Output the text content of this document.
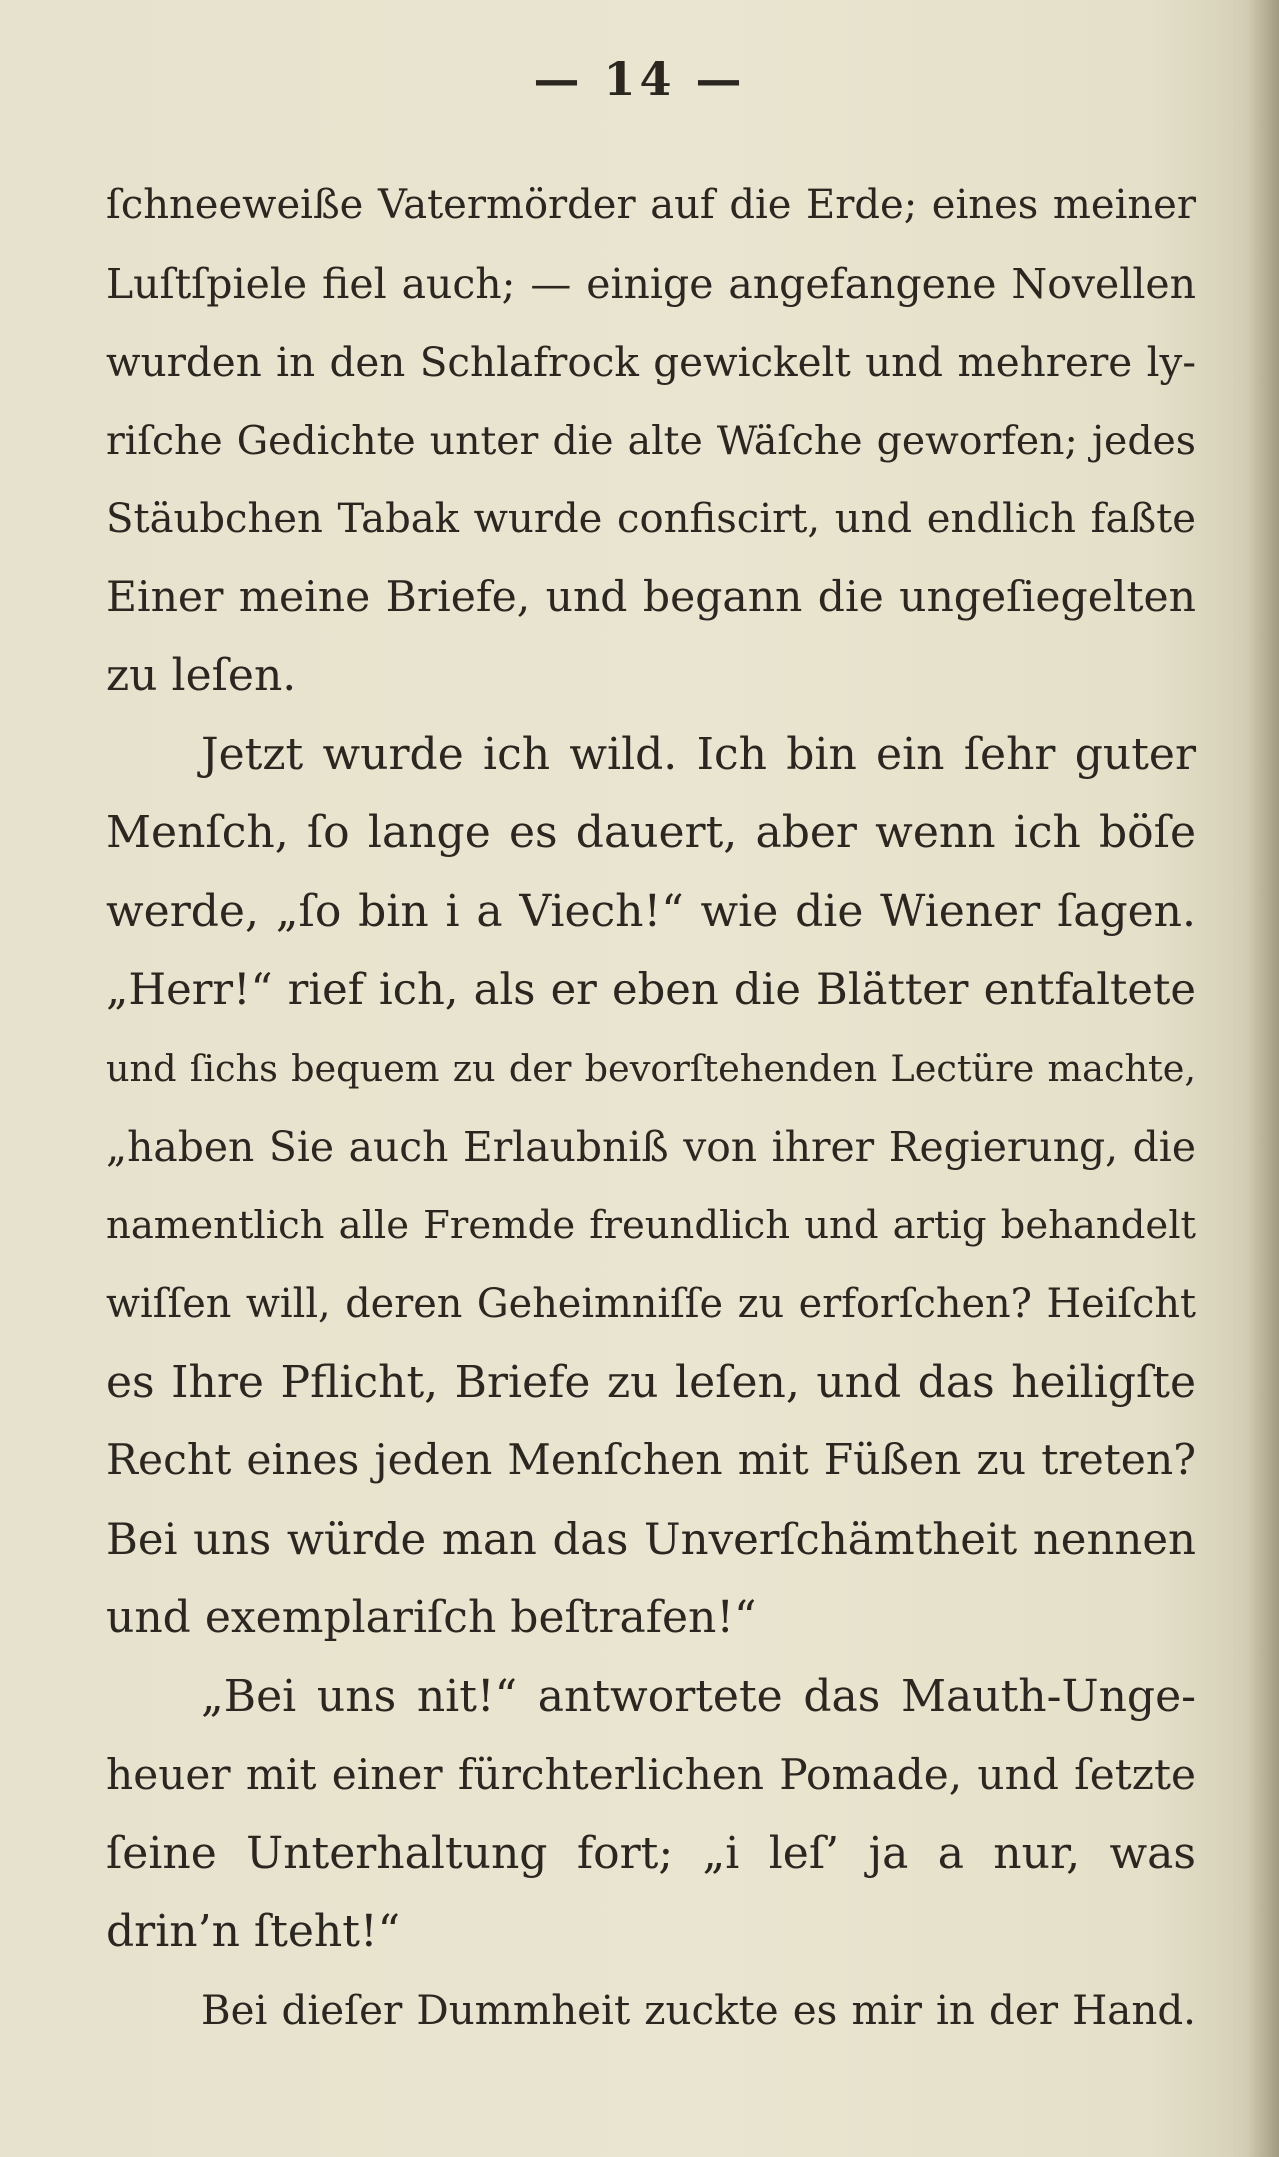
— 14 —
ſchneeweiße Vatermörder auf die Erde; eines meiner
Luſtſpiele fiel auch; — einige angefangene Novellen
wurden in den Schlafrock gewickelt und mehrere ly-
riſche Gedichte unter die alte Wäſche geworfen; jedes
Stäubchen Tabak wurde confiscirt, und endlich faßte
Einer meine Briefe, und begann die ungeſiegelten
zu leſen.
Jetzt wurde ich wild. Ich bin ein ſehr guter
Menſch, ſo lange es dauert, aber wenn ich böſe
werde, „ſo bin i a Viech!“ wie die Wiener ſagen.
„Herr!“ rief ich, als er eben die Blätter entfaltete
und ſichs bequem zu der bevorſtehenden Lectüre machte,
„haben Sie auch Erlaubniß von ihrer Regierung, die
namentlich alle Fremde freundlich und artig behandelt
wiſſen will, deren Geheimniſſe zu erforſchen? Heiſcht
es Ihre Pflicht, Briefe zu leſen, und das heiligſte
Recht eines jeden Menſchen mit Füßen zu treten?
Bei uns würde man das Unverſchämtheit nennen
und exemplariſch beſtrafen!“
„Bei uns nit!“ antwortete das Mauth-Unge-
heuer mit einer fürchterlichen Pomade, und ſetzte
ſeine Unterhaltung fort; „i leſ’ ja a nur, was
drin’n ſteht!“
Bei dieſer Dummheit zuckte es mir in der Hand.
